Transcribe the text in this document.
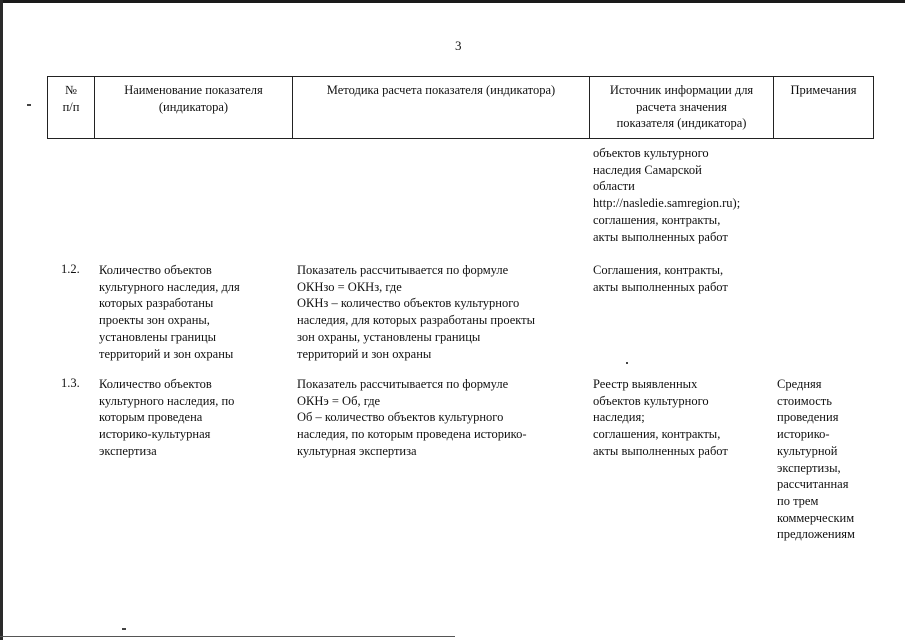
3
№
п/п
Наименование показателя
(индикатора)
Методика расчета показателя (индикатора)	Источник информации для
расчета значения
показателя (индикатора)
Примечания
объектов культурного
наследия Самарской
области
http://nasledie.samregion.ru);
соглашения, контракты,
акты выполненных работ
1.2. Количество объектов
культурного наследия, для
которых разработаны
проекты зон охраны,
установлены границы
территорий и зон охраны
Показатель рассчитывается по формуле
ОКНзо = ОКНз, где
ОКНз – количество объектов культурного
наследия, для которых разработаны проекты
зон охраны, установлены границы
территорий и зон охраны
Соглашения, контракты,
акты выполненных работ
1.3. Количество объектов
культурного наследия, по
которым проведена
историко-культурная
экспертиза
Показатель рассчитывается по формуле
ОКНэ = Об, где
Об – количество объектов культурного
наследия, по которым проведена историко-
культурная экспертиза
Реестр выявленных
объектов культурного
наследия;
соглашения, контракты,
акты выполненных работ
Средняя
стоимость
проведения
историко-
культурной
экспертизы,
рассчитанная
по трем
коммерческим
предложениям
